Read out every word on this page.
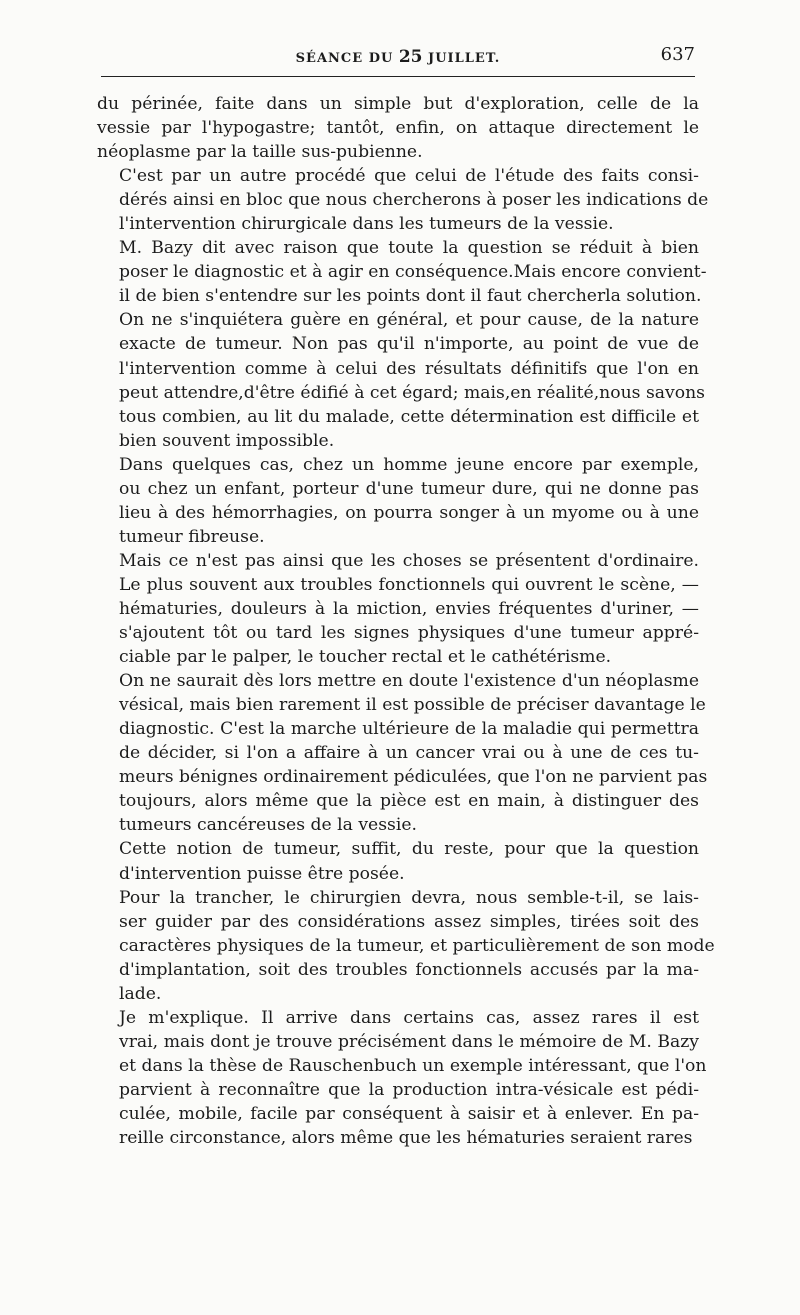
SÉANCE DU 25 JUILLET.	637
du périnée, faite dans un simple but d'exploration, celle de la
vessie par l'hypogastre; tantôt, enfin, on attaque directement le
néoplasme par la taille sus-pubienne.
C'est par un autre procédé que celui de l'étude des faits consi-
dérés ainsi en bloc que nous chercherons à poser les indications de
l'intervention chirurgicale dans les tumeurs de la vessie.
M. Bazy dit avec raison que toute la question se réduit à bien
poser le diagnostic et à agir en conséquence.Mais encore convient-
il de bien s'entendre sur les points dont il faut chercherla solution.
On ne s'inquiétera guère en général, et pour cause, de la nature
exacte de tumeur. Non pas qu'il n'importe, au point de vue de
l'intervention comme à celui des résultats définitifs que l'on en
peut attendre,d'être édifié à cet égard; mais,en réalité,nous savons
tous combien, au lit du malade, cette détermination est difficile et
bien souvent impossible.
Dans quelques cas, chez un homme jeune encore par exemple,
ou chez un enfant, porteur d'une tumeur dure, qui ne donne pas
lieu à des hémorrhagies, on pourra songer à un myome ou à une
tumeur fibreuse.
Mais ce n'est pas ainsi que les choses se présentent d'ordinaire.
Le plus souvent aux troubles fonctionnels qui ouvrent le scène, —
hématuries, douleurs à la miction, envies fréquentes d'uriner, —
s'ajoutent tôt ou tard les signes physiques d'une tumeur appré-
ciable par le palper, le toucher rectal et le cathétérisme.
On ne saurait dès lors mettre en doute l'existence d'un néoplasme
vésical, mais bien rarement il est possible de préciser davantage le
diagnostic. C'est la marche ultérieure de la maladie qui permettra
de décider, si l'on a affaire à un cancer vrai ou à une de ces tu-
meurs bénignes ordinairement pédiculées, que l'on ne parvient pas
toujours, alors même que la pièce est en main, à distinguer des
tumeurs cancéreuses de la vessie.
Cette notion de tumeur, suffit, du reste, pour que la question
d'intervention puisse être posée.
Pour la trancher, le chirurgien devra, nous semble-t-il, se lais-
ser guider par des considérations assez simples, tirées soit des
caractères physiques de la tumeur, et particulièrement de son mode
d'implantation, soit des troubles fonctionnels accusés par la ma-
lade.
Je m'explique. Il arrive dans certains cas, assez rares il est
vrai, mais dont je trouve précisément dans le mémoire de M. Bazy
et dans la thèse de Rauschenbuch un exemple intéressant, que l'on
parvient à reconnaître que la production intra-vésicale est pédi-
culée, mobile, facile par conséquent à saisir et à enlever. En pa-
reille circonstance, alors même que les hématuries seraient rares
